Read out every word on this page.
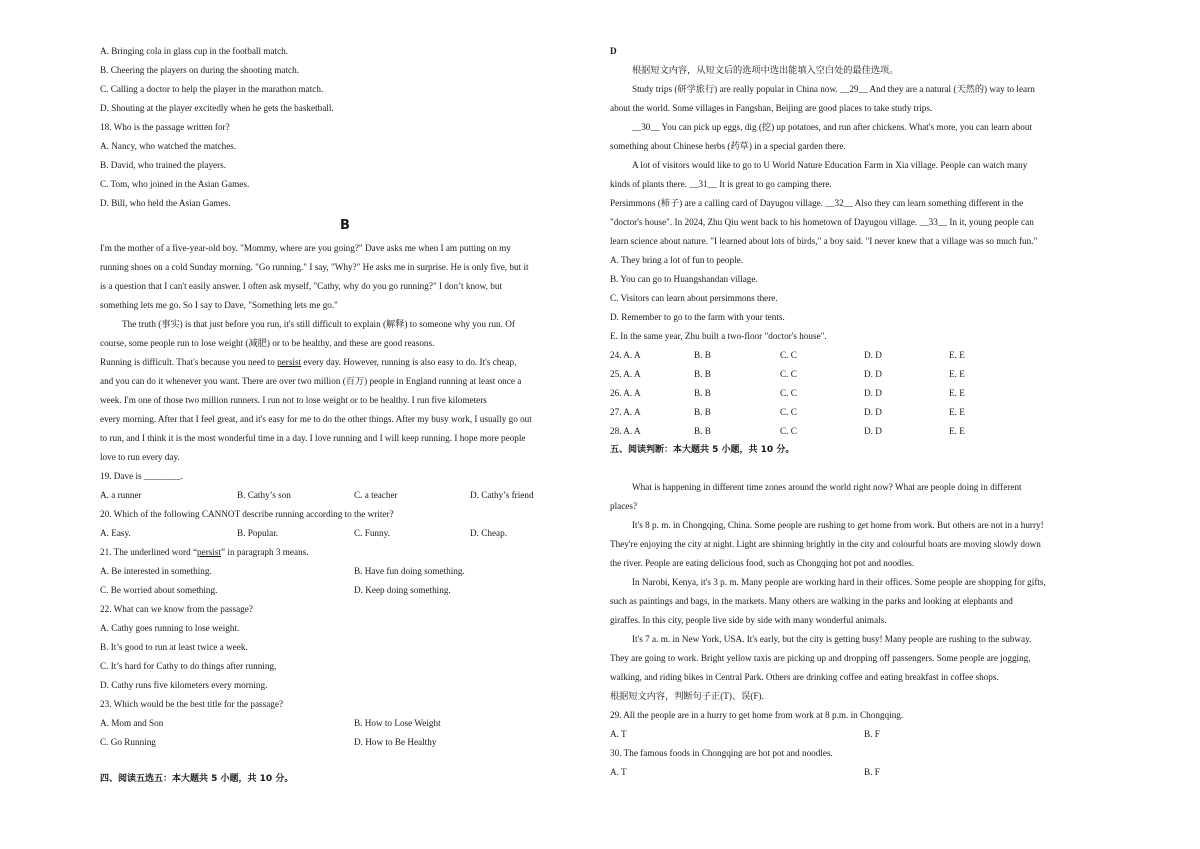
A. Bringing cola in glass cup in the football match.
B. Cheering the players on during the shooting match.
C. Calling a doctor to help the player in the marathon match.
D. Shouting at the player excitedly when he gets the basketball.
18. Who is the passage written for?
A. Nancy, who watched the matches.
B. David, who trained the players.
C. Tom, who joined in the Asian Games.
D. Bill, who held the Asian Games.
B
I'm the mother of a five-year-old boy. "Mommy, where are you going?" Dave asks me when I am putting on my
running shoes on a cold Sunday morning. "Go running." I say, "Why?" He asks me in surprise. He is only five, but it
is a question that I can't easily answer. I often ask myself, "Cathy, why do you go running?" I don’t know, but
something lets me go. So I say to Dave, "Something lets me go."
The truth (事实) is that just before you run, it's still difficult to explain (解释) to someone why you run. Of
course, some people run to lose weight (减肥) or to be healthy, and these are good reasons.
Running is difficult. That's because you need to persist every day. However, running is also easy to do. It's cheap,
and you can do it whenever you want. There are over two million (百万) people in England running at least once a
week. I'm one of those two million runners. I run not to lose weight or to be healthy. I run five kilometers
every morning. After that I feel great, and it's easy for me to do the other things. After my busy work, I usually go out
to run, and I think it is the most wonderful time in a day. I love running and I will keep running. I hope more people
love to run every day.
19. Dave is ________.
A. a runner	B. Cathy’s son	C. a teacher	D. Cathy’s friend
20. Which of the following CANNOT describe running according to the writer?
A. Easy.	B. Popular.	C. Funny.	D. Cheap.
21. The underlined word “persist” in paragraph 3 means.
A. Be interested in something.	B. Have fun doing something.
C. Be worried about something.	D. Keep doing something.
22. What can we know from the passage?
A. Cathy goes running to lose weight.
B. It’s good to run at least twice a week.
C. It’s hard for Cathy to do things after running,
D. Cathy runs five kilometers every morning.
23. Which would be the best title for the passage?
A. Mom and Son	B. How to Lose Weight
C. Go Running	D. How to Be Healthy
四、阅读五选五：本大题共 5 小题，共 10 分。
D
根据短文内容，从短文后的选项中选出能填入空白处的最佳选项。
Study trips (研学旅行) are really popular in China now. __29__ And they are a natural (天然的) way to learn
about the world. Some villages in Fangshan, Beijing are good places to take study trips.
__30__ You can pick up eggs, dig (挖) up potatoes, and run after chickens. What's more, you can learn about
something about Chinese herbs (药草) in a special garden there.
A lot of visitors would like to go to U World Nature Education Farm in Xia village. People can watch many
kinds of plants there. __31__ It is great to go camping there.
Persimmons (柿子) are a calling card of Dayugou village. __32__ Also they can learn something different in the
"doctor's house". In 2024, Zhu Qiu went back to his hometown of Dayugou village. __33__ In it, young people can
learn science about nature. "I learned about lots of birds," a boy said. "I never knew that a village was so much fun."
A. They bring a lot of fun to people.
B. You can go to Huangshandan village.
C. Visitors can learn about persimmons there.
D. Remember to go to the farm with your tents.
E. In the same year, Zhu built a two-floor "doctor's house".
24. A. A	B. B	C. C	D. D	E. E
25. A. A	B. B	C. C	D. D	E. E
26. A. A	B. B	C. C	D. D	E. E
27. A. A	B. B	C. C	D. D	E. E
28. A. A	B. B	C. C	D. D	E. E
五、阅读判断：本大题共 5 小题，共 10 分。
What is happening in different time zones around the world right now? What are people doing in different
places?
It's 8 p. m. in Chongqing, China. Some people are rushing to get home from work. But others are not in a hurry!
They're enjoying the city at night. Light are shinning brightly in the city and colourful boats are moving slowly down
the river. People are eating delicious food, such as Chongqing hot pot and noodles.
In Narobi, Kenya, it's 3 p. m. Many people are working hard in their offices. Some people are shopping for gifts,
such as paintings and bags, in the markets. Many others are walking in the parks and looking at elephants and
giraffes. In this city, people live side by side with many wonderful animals.
It's 7 a. m. in New York, USA. It's early, but the city is getting busy! Many people are rushing to the subway.
They are going to work. Bright yellow taxis are picking up and dropping off passengers. Some people are jogging,
walking, and riding bikes in Central Park. Others are drinking coffee and eating breakfast in coffee shops.
根据短文内容，判断句子正(T)、误(F).
29. All the people are in a hurry to get home from work at 8 p.m. in Chongqing.
A. T	B. F
30. The famous foods in Chongqing are hot pot and noodles.
A. T	B. F
